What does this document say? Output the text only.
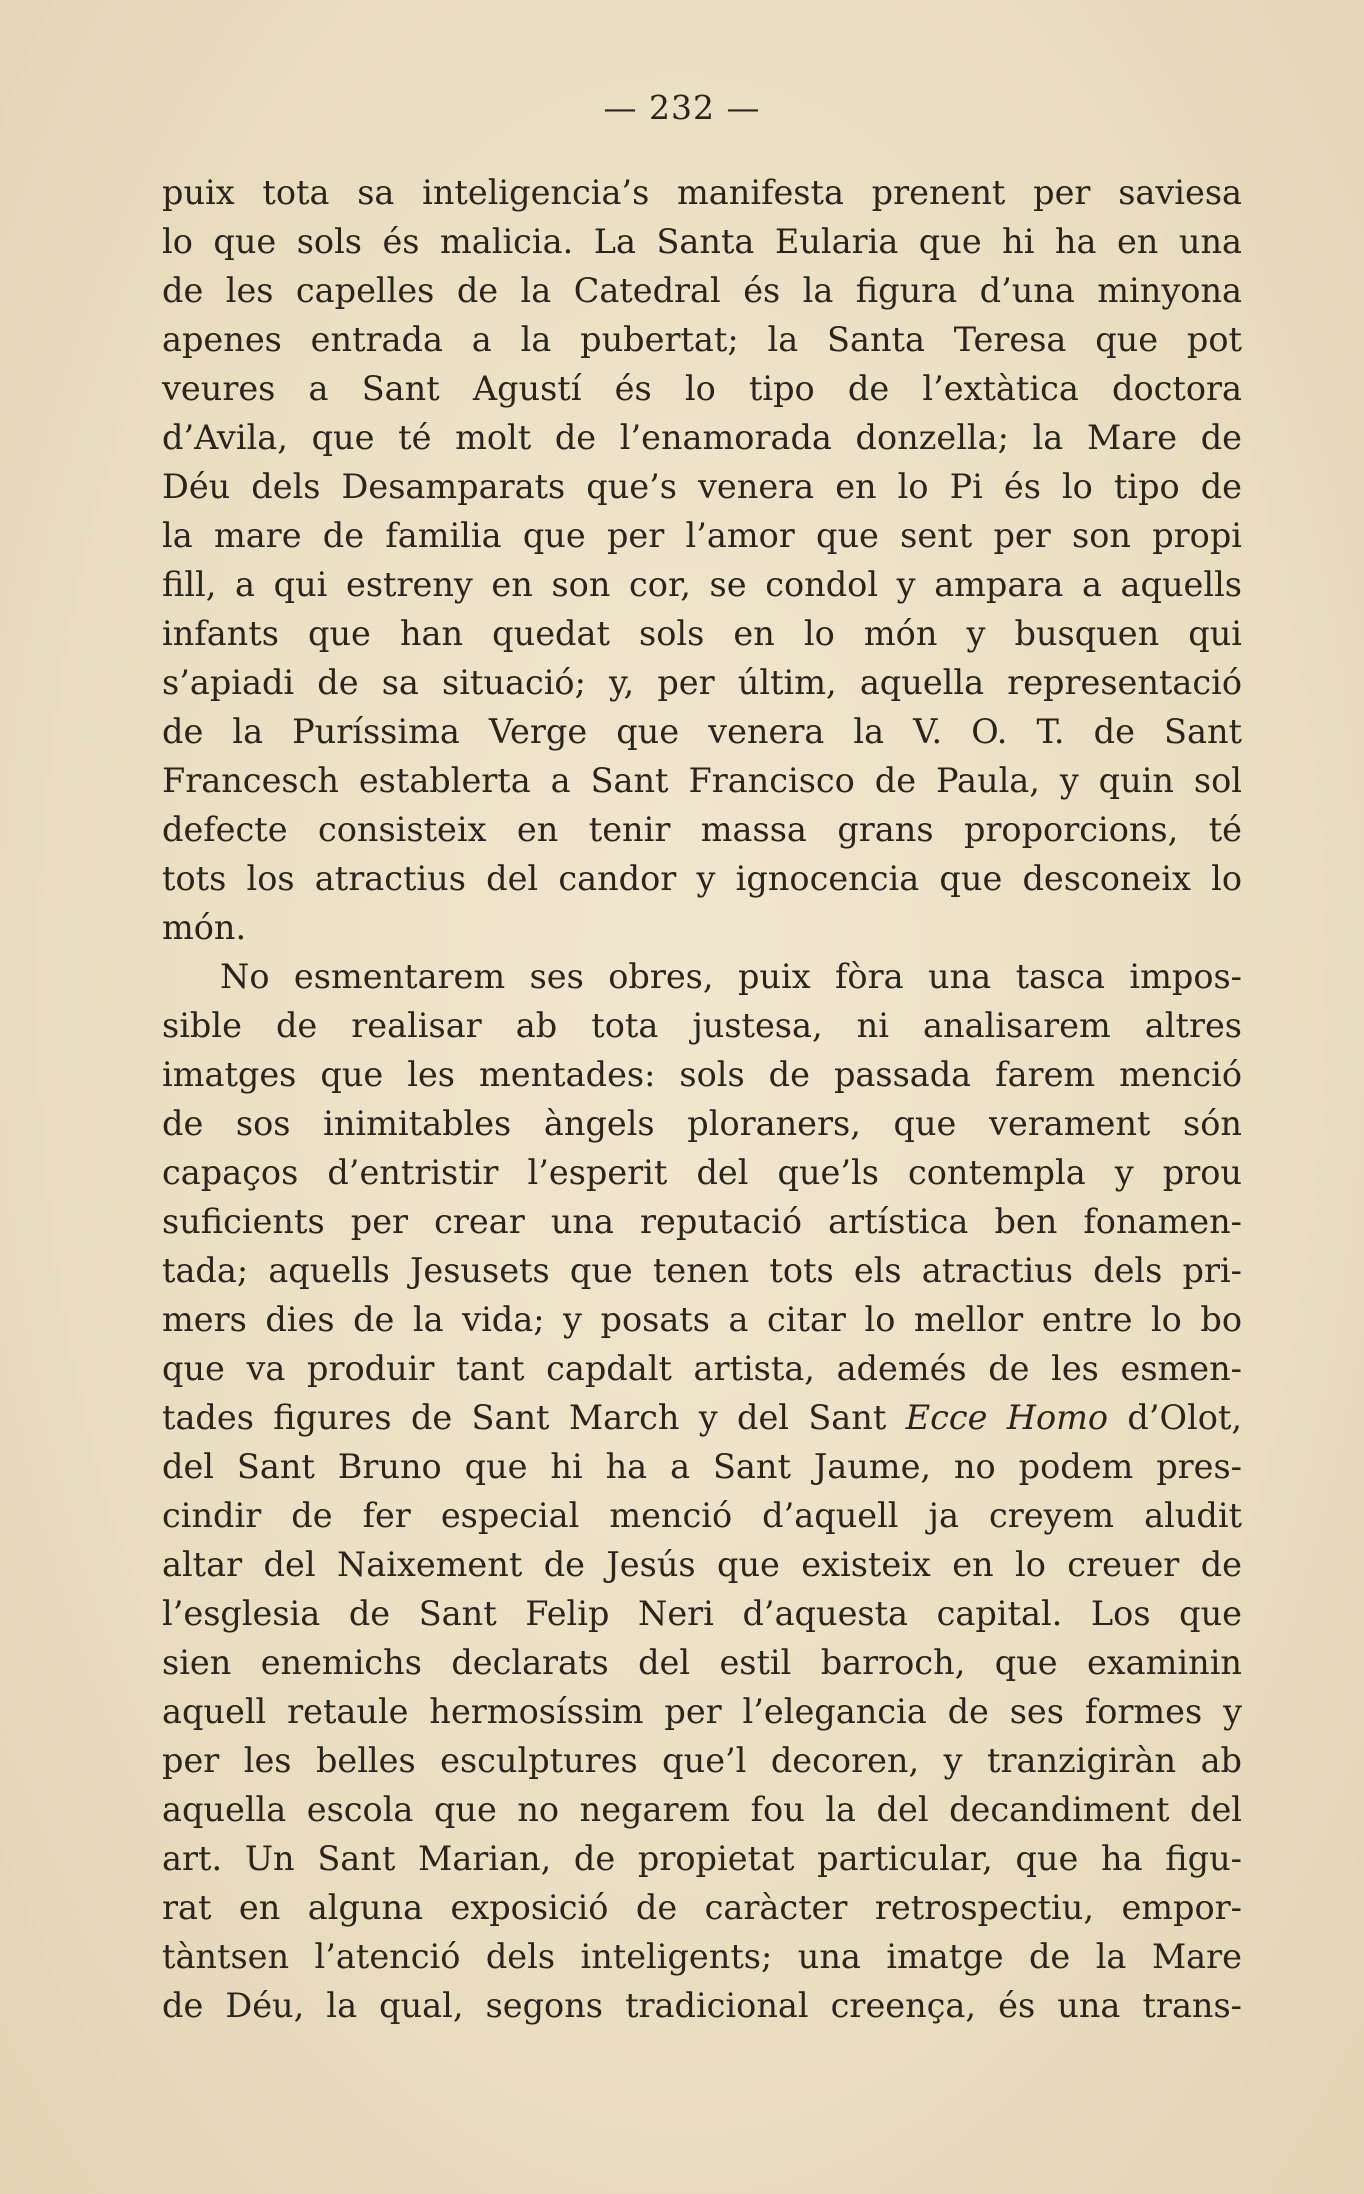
— 232 —
puix tota sa inteligencia’s manifesta prenent per saviesa
lo que sols és malicia. La Santa Eularia que hi ha en una
de les capelles de la Catedral és la figura d’una minyona
apenes entrada a la pubertat; la Santa Teresa que pot
veures a Sant Agustí és lo tipo de l’extàtica doctora
d’Avila, que té molt de l’enamorada donzella; la Mare de
Déu dels Desamparats que’s venera en lo Pi és lo tipo de
la mare de familia que per l’amor que sent per son propi
fill, a qui estreny en son cor, se condol y ampara a aquells
infants que han quedat sols en lo món y busquen qui
s’apiadi de sa situació; y, per últim, aquella representació
de la Puríssima Verge que venera la V. O. T. de Sant
Francesch establerta a Sant Francisco de Paula, y quin sol
defecte consisteix en tenir massa grans proporcions, té
tots los atractius del candor y ignocencia que desconeix lo
món.
No esmentarem ses obres, puix fòra una tasca impos-
sible de realisar ab tota justesa, ni analisarem altres
imatges que les mentades: sols de passada farem menció
de sos inimitables àngels ploraners, que verament són
capaços d’entristir l’esperit del que’ls contempla y prou
suficients per crear una reputació artística ben fonamen-
tada; aquells Jesusets que tenen tots els atractius dels pri-
mers dies de la vida; y posats a citar lo mellor entre lo bo
que va produir tant capdalt artista, ademés de les esmen-
tades figures de Sant March y del Sant Ecce Homo d’Olot,
del Sant Bruno que hi ha a Sant Jaume, no podem pres-
cindir de fer especial menció d’aquell ja creyem aludit
altar del Naixement de Jesús que existeix en lo creuer de
l’esglesia de Sant Felip Neri d’aquesta capital. Los que
sien enemichs declarats del estil barroch, que examinin
aquell retaule hermosíssim per l’elegancia de ses formes y
per les belles esculptures que’l decoren, y tranzigiràn ab
aquella escola que no negarem fou la del decandiment del
art. Un Sant Marian, de propietat particular, que ha figu-
rat en alguna exposició de caràcter retrospectiu, empor-
tàntsen l’atenció dels inteligents; una imatge de la Mare
de Déu, la qual, segons tradicional creença, és una trans-
